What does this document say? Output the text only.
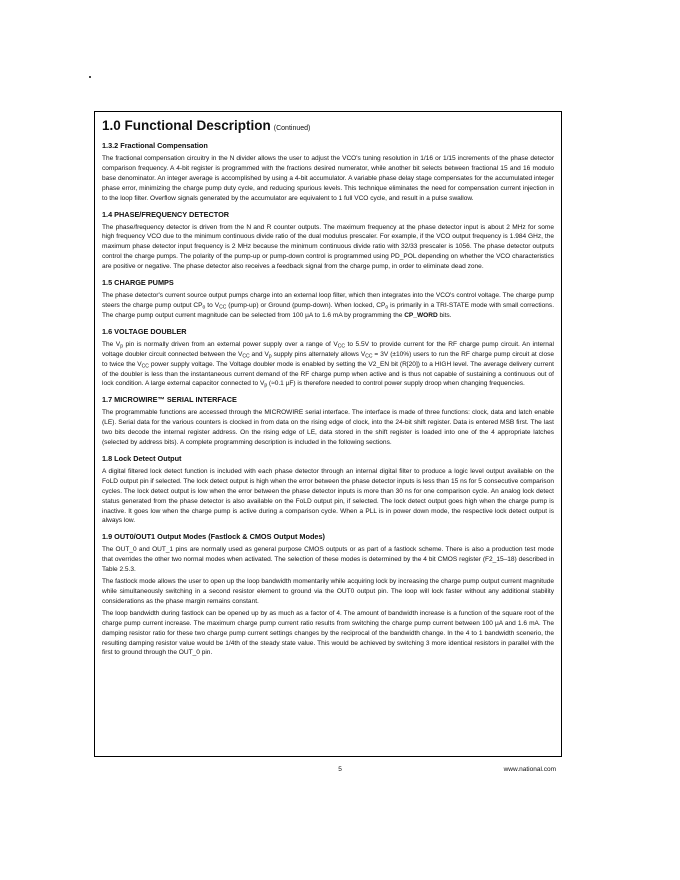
1.0 Functional Description (Continued)
1.3.2 Fractional Compensation

The fractional compensation circuitry in the N divider allows the user to adjust the VCO's tuning resolution in 1/16 or 1/15 increments of the phase detector comparison frequency. A 4-bit register is programmed with the fractions desired numerator, while another bit selects between fractional 15 and 16 modulo base denominator. An integer average is accomplished by using a 4-bit accumulator. A variable phase delay stage compensates for the accumulated integer phase error, minimizing the charge pump duty cycle, and reducing spurious levels. This technique eliminates the need for compensation current injection in to the loop filter. Overflow signals generated by the accumulator are equivalent to 1 full VCO cycle, and result in a pulse swallow.

1.4 PHASE/FREQUENCY DETECTOR

The phase/frequency detector is driven from the N and R counter outputs. The maximum frequency at the phase detector input is about 2 MHz for some high frequency VCO due to the minimum continuous divide ratio of the dual modulus prescaler. For example, if the VCO output frequency is 1.984 GHz, the maximum phase detector input frequency is 2 MHz because the minimum continuous divide ratio with 32/33 prescaler is 1056. The phase detector outputs control the charge pumps. The polarity of the pump-up or pump-down control is programmed using PD_POL depending on whether the VCO characteristics are positive or negative. The phase detector also receives a feedback signal from the charge pump, in order to eliminate dead zone.

1.5 CHARGE PUMPS

The phase detector's current source output pumps charge into an external loop filter, which then integrates into the VCO's control voltage. The charge pump steers the charge pump output $CP_o$ to $V_{CC}$ (pump-up) or Ground (pump-down). When locked, $CP_o$ is primarily in a TRI-STATE mode with small corrections. The charge pump output current magnitude can be selected from 100 µA to 1.6 mA by programming the CP_WORD bits.

1.6 VOLTAGE DOUBLER

The $V_p$ pin is normally driven from an external power supply over a range of $V_{CC}$ to 5.5V to provide current for the RF charge pump circuit. An internal voltage doubler circuit connected between the $V_{CC}$ and $V_p$ supply pins alternately allows $V_{CC} = 3V$ (±10%) users to run the RF charge pump circuit at close to twice the $V_{CC}$ power supply voltage. The Voltage doubler mode is enabled by setting the V2_EN bit (R[20]) to a HIGH level. The average delivery current of the doubler is less than the instantaneous current demand of the RF charge pump when active and is thus not capable of sustaining a continuous out of lock condition. A large external capacitor connected to $V_p$ (≈0.1 µF) is therefore needed to control power supply droop when changing frequencies.

1.7 MICROWIRE™ SERIAL INTERFACE

The programmable functions are accessed through the MICROWIRE serial interface. The interface is made of three functions: clock, data and latch enable (LE). Serial data for the various counters is clocked in from data on the rising edge of clock, into the 24-bit shift register. Data is entered MSB first. The last two bits decode the internal register address. On the rising edge of LE, data stored in the shift register is loaded into one of the 4 appropriate latches (selected by address bits). A complete programming description is included in the following sections.

1.8 Lock Detect Output

A digital filtered lock detect function is included with each phase detector through an internal digital filter to produce a logic level output available on the FoLD output pin if selected. The lock detect output is high when the error between the phase detector inputs is less than 15 ns for 5 consecutive comparison cycles. The lock detect output is low when the error between the phase detector inputs is more than 30 ns for one comparison cycle. An analog lock detect status generated from the phase detector is also available on the FoLD output pin, if selected. The lock detect output goes high when the charge pump is inactive. It goes low when the charge pump is active during a comparison cycle. When a PLL is in power down mode, the respective lock detect output is always low.

1.9 OUT0/OUT1 Output Modes (Fastlock & CMOS Output Modes)

The OUT_0 and OUT_1 pins are normally used as general purpose CMOS outputs or as part of a fastlock scheme. There is also a production test mode that overrides the other two normal modes when activated. The selection of these modes is determined by the 4 bit CMOS register (F2_15–18) described in Table 2.5.3.

The fastlock mode allows the user to open up the loop bandwidth momentarily while acquiring lock by increasing the charge pump output current magnitude while simultaneously switching in a second resistor element to ground via the OUT0 output pin. The loop will lock faster without any additional stability considerations as the phase margin remains constant.

The loop bandwidth during fastlock can be opened up by as much as a factor of 4. The amount of bandwidth increase is a function of the square root of the charge pump current increase. The maximum charge pump current ratio results from switching the charge pump current between 100 µA and 1.6 mA. The damping resistor ratio for these two charge pump current settings changes by the reciprocal of the bandwidth change. In the 4 to 1 bandwidth scenerio, the resulting damping resistor value would be 1/4th of the steady state value. This would be achieved by switching 3 more identical resistors in parallel with the first to ground through the OUT_0 pin.

5	www.national.com
